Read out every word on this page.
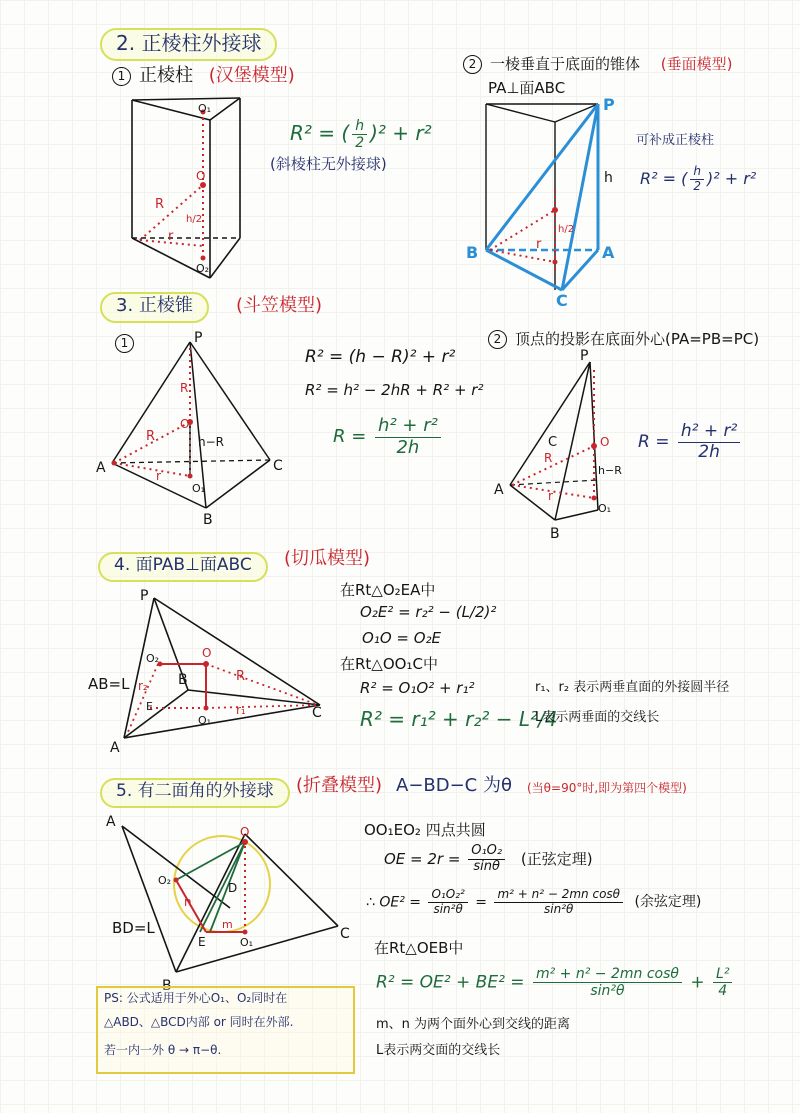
2. 正棱柱外接球
1 正棱柱 (汉堡模型)
R² = ( $\frac{h}{2} )^2 + r^2$
(斜棱柱无外接球)
O₁
O
O₂
R
r
h/2
2 一棱垂直于底面的锥体 (垂面模型)
PA⊥面ABC
可补成正棱柱
R² = ( $\frac{h}{2} )^2 + r^2$
P
A
B
C
h
r
h/2
3. 正棱锥	(斗笠模型)
1
R² = (h − R)² + r²
R² = h² − 2hR + R² + r²
$R = \frac{\text{h² + r²}}{2h}$
P
A
B
C
O
O₁
R
R
r
h−R
2 顶点的投影在底面外心(PA=PB=PC)
$R = \frac{\text{h² + r²}}{2h}$
P
A
B
C	O
O₁
R
r
h−R
4. 面PAB⊥面ABC	(切瓜模型)
AB=L
P
A
B
C
O
O₁
O₂
E
R
r₁
r₂
在Rt△O₂EA中
O₂E² = r₂² − (L/2)²
O₁O = O₂E
在Rt△OO₁C中
R² = O₁O² + r₁²
R² = r₁² + r₂² − L²/4
r₁、r₂ 表示两垂直面的外接圆半径
L表示两垂面的交线长
5. 有二面角的外接球	(折叠模型) A−BD−C 为θ (当θ=90°时,即为第四个模型)
BD=L
A
B
C
D
E
O
O₁
O₂
m
n
OO₁EO₂ 四点共圆
OE = $2r = \frac{\text{O₁O₂}}{\sin\theta}$ (正弦定理)
∴ $OE^2 = \frac{\text{O₁O₂²}}{\text{sin²θ}} = \frac{\text{m² + n² − 2mn cosθ}}{\text{sin²θ}}$ (余弦定理)
在Rt△OEB中
$R^2 = OE^2 + BE^2 = \frac{\text{m² + n² − 2mn cosθ}}{\text{sin²θ}} + \frac{\text{L²}}{4}$
m、n 为两个面外心到交线的距离
L表示两交面的交线长
PS: 公式适用于外心O₁、O₂同时在
△ABD、△BCD内部 or 同时在外部.
若一内一外 θ → π−θ.
